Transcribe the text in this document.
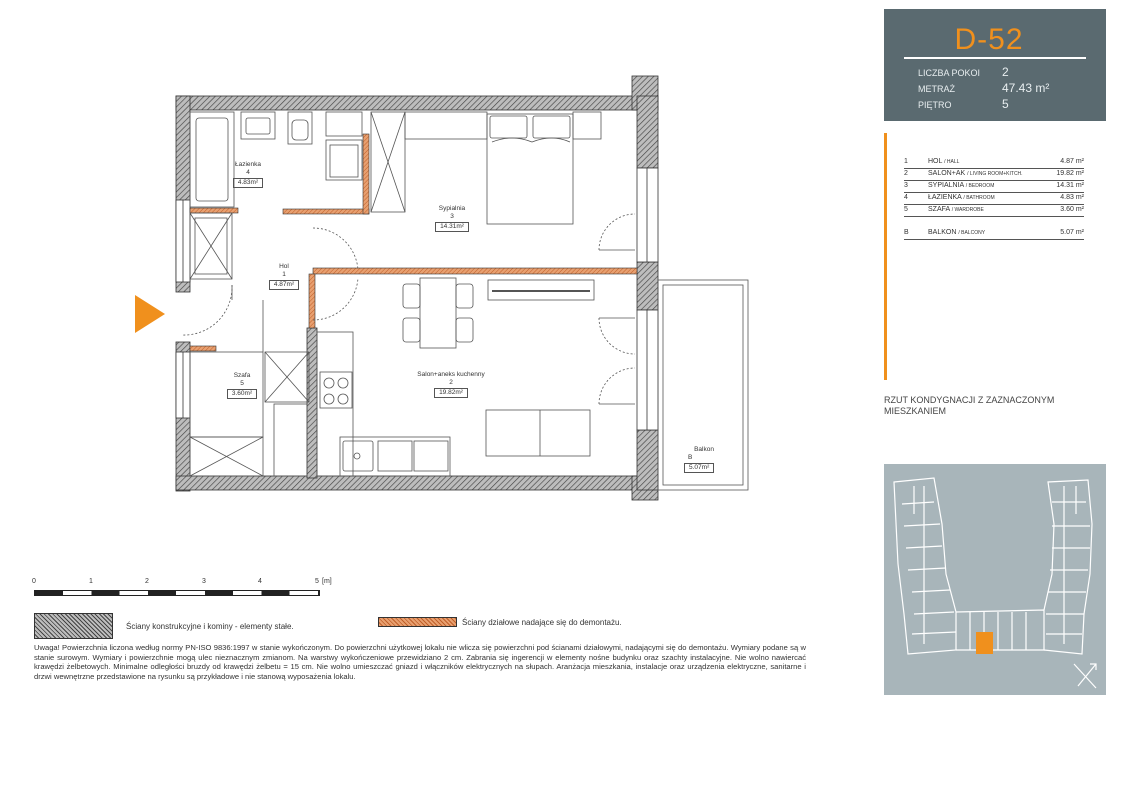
Łazienka
4
4.83m²
Sypialnia
3
14.31m²
Hol
1
4.87m²
Szafa
5
3.60m²
Salon+aneks kuchenny
2
19.82m²
Balkon
B
5.07m²
0	1	2	3	4	5 [m]
Ściany konstrukcyjne i kominy - elementy stałe.	Ściany działowe nadające się do demontażu.
Uwaga! Powierzchnia liczona według normy PN-ISO 9836:1997 w stanie wykończonym. Do powierzchni użytkowej lokalu nie wlicza się powierzchni pod ścianami działowymi, nadającymi się do demontażu. Wymiary podane są w stanie surowym. Wymiary i powierzchnie mogą ulec nieznacznym zmianom. Na warstwy wykończeniowe przewidziano 2 cm. Zabrania się ingerencji w elementy nośne budynku oraz szachty instalacyjne. Nie wolno nawiercać krawędzi żelbetowych. Minimalne odległości bruzdy od krawędzi żelbetu = 15 cm. Nie wolno umieszczać gniazd i włączników elektrycznych na słupach. Aranżacja mieszkania, instalacje oraz urządzenia elektryczne, sanitarne i drzwi wewnętrzne przedstawione na rysunku są przykładowe i nie stanową wyposażenia lokalu.
D-52
LICZBA POKOI 2
METRAŻ	47.43 m²
PIĘTRO	5
1	HOL / HALL	4.87 m²
2	SALON+AK / LIVING ROOM+KITCH.	19.82 m²
3	SYPIALNIA / BEDROOM	14.31 m²
4	ŁAZIENKA / BATHROOM	4.83 m²
5	SZAFA / WARDROBE	3.60 m²
B	BALKON / BALCONY	5.07 m²
RZUT KONDYGNACJI Z ZAZNACZONYM MIESZKANIEM
